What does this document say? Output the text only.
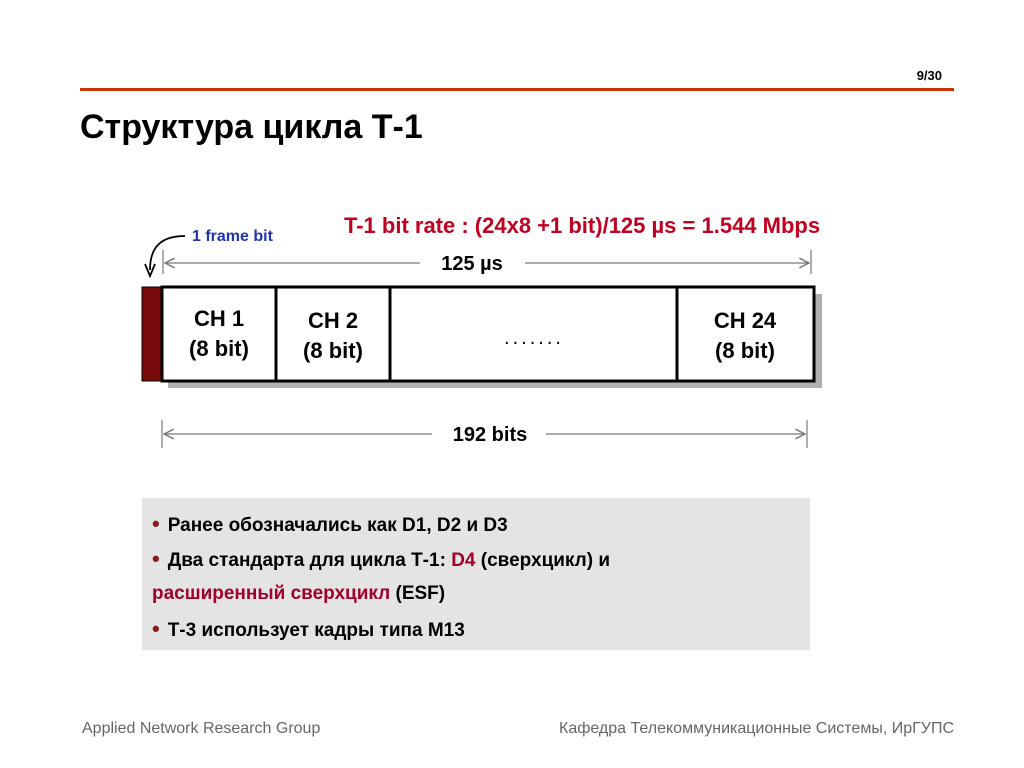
9/30
Структура цикла Т-1
T-1 bit rate : (24x8 +1 bit)/125 µs = 1.544 Mbps
1 frame bit
125 µs
CH 1
(8 bit)
CH 2
(8 bit)	.......
CH 24
(8 bit)
192 bits
• Ранее обозначались как D1, D2 и D3
• Два стандарта для цикла Т-1: D4 (сверхцикл) и
расширенный сверхцикл (ESF)
• Т-3 использует кадры типа М13
Applied Network Research Group	Кафедра Телекоммуникационные Системы, ИрГУПС
